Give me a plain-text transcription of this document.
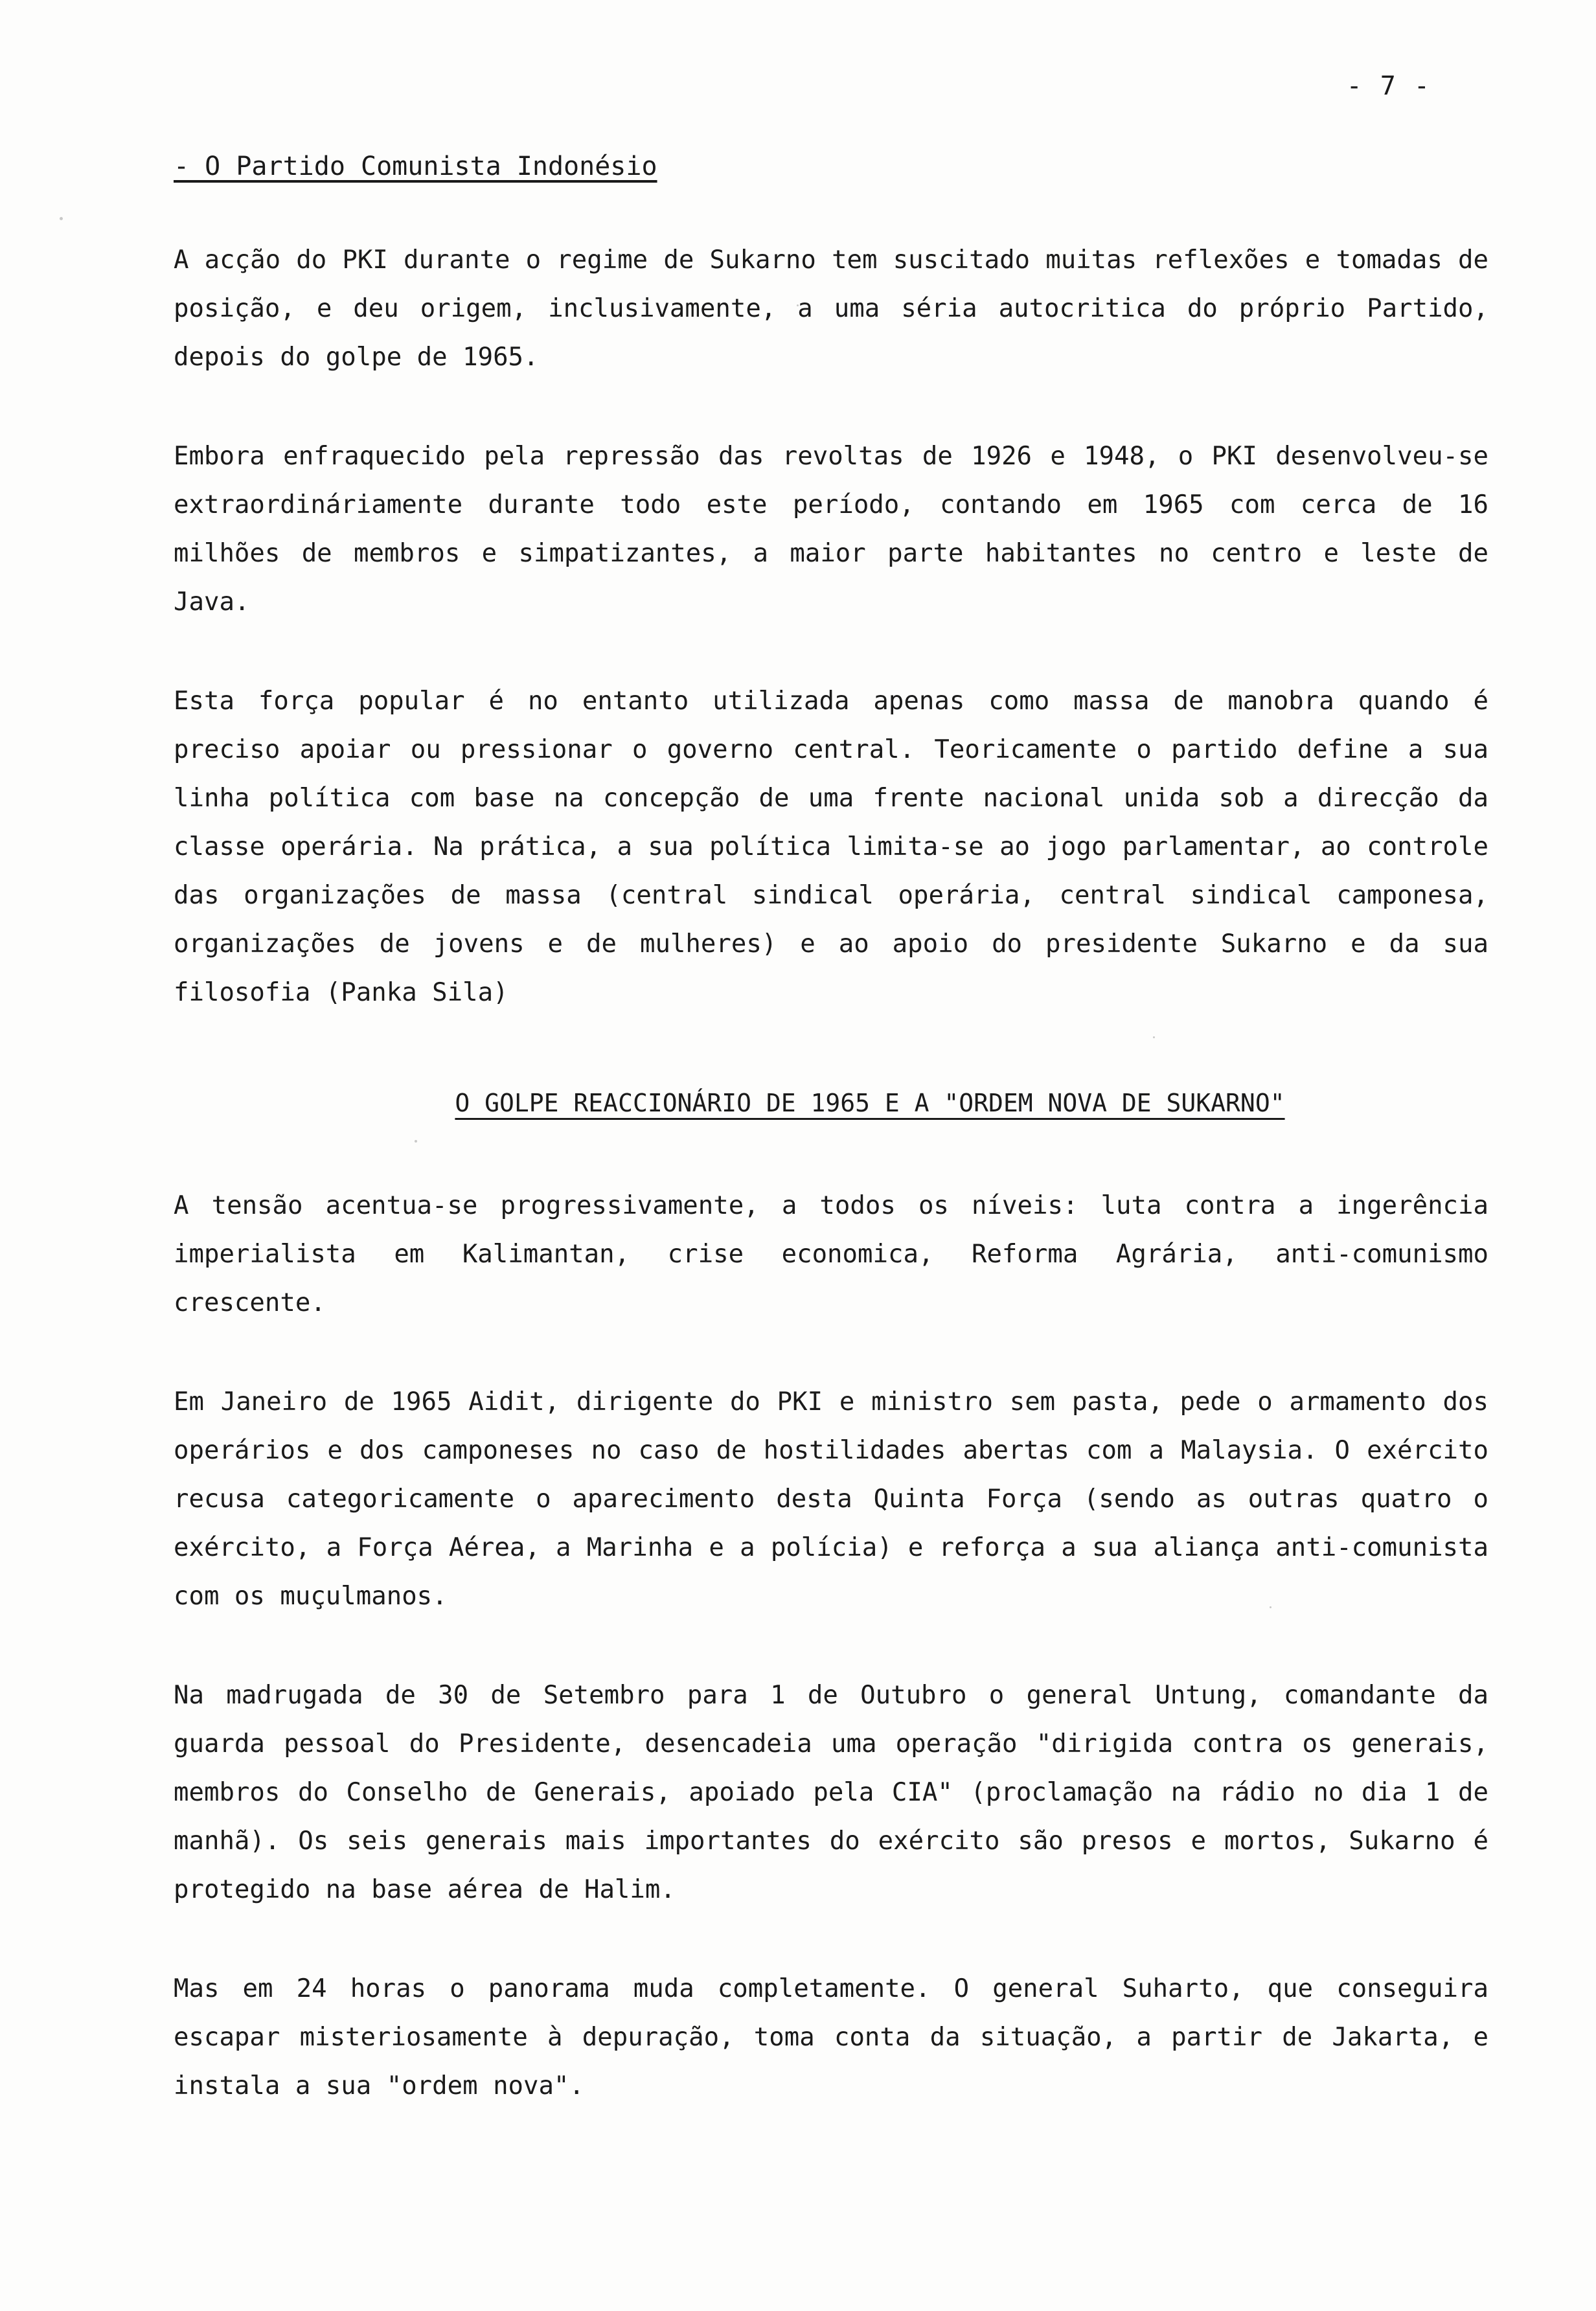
- 7 -
- O Partido Comunista Indonésio

A acção do PKI durante o regime de Sukarno tem suscitado muitas reflexões e tomadas de posição, e deu origem, inclusivamente, a uma séria autocritica do próprio Partido, depois do golpe de 1965.

Embora enfraquecido pela repressão das revoltas de 1926 e 1948, o PKI desenvolveu-se extraordináriamente durante todo este período, contando em 1965 com cerca de 16 milhões de membros e simpatizantes, a maior parte habitantes no centro e leste de Java.

Esta força popular é no entanto utilizada apenas como massa de manobra quando é preciso apoiar ou pressionar o governo central. Teoricamente o partido define a sua linha política com base na concepção de uma frente nacional unida sob a direcção da classe operária. Na prática, a sua política limita-se ao jogo parlamentar, ao controle das organizações de massa (central sindical operária, central sindical camponesa, organizações de jovens e de mulheres) e ao apoio do presidente Sukarno e da sua filosofia (Panka Sila)

O GOLPE REACCIONÁRIO DE 1965 E A "ORDEM NOVA DE SUKARNO"

A tensão acentua-se progressivamente, a todos os níveis: luta contra a ingerência imperialista em Kalimantan, crise economica, Reforma Agrária, anti-comunismo crescente.

Em Janeiro de 1965 Aidit, dirigente do PKI e ministro sem pasta, pede o armamento dos operários e dos camponeses no caso de hostilidades abertas com a Malaysia. O exército recusa categoricamente o aparecimento desta Quinta Força (sendo as outras quatro o exército, a Força Aérea, a Marinha e a polícia) e reforça a sua aliança anti-comunista com os muçulmanos.

Na madrugada de 30 de Setembro para 1 de Outubro o general Untung, comandante da guarda pessoal do Presidente, desencadeia uma operação "dirigida contra os generais, membros do Conselho de Generais, apoiado pela CIA" (proclamação na rádio no dia 1 de manhã). Os seis generais mais importantes do exército são presos e mortos, Sukarno é protegido na base aérea de Halim.

Mas em 24 horas o panorama muda completamente. O general Suharto, que conseguira escapar misteriosamente à depuração, toma conta da situação, a partir de Jakarta, e instala a sua "ordem nova".
